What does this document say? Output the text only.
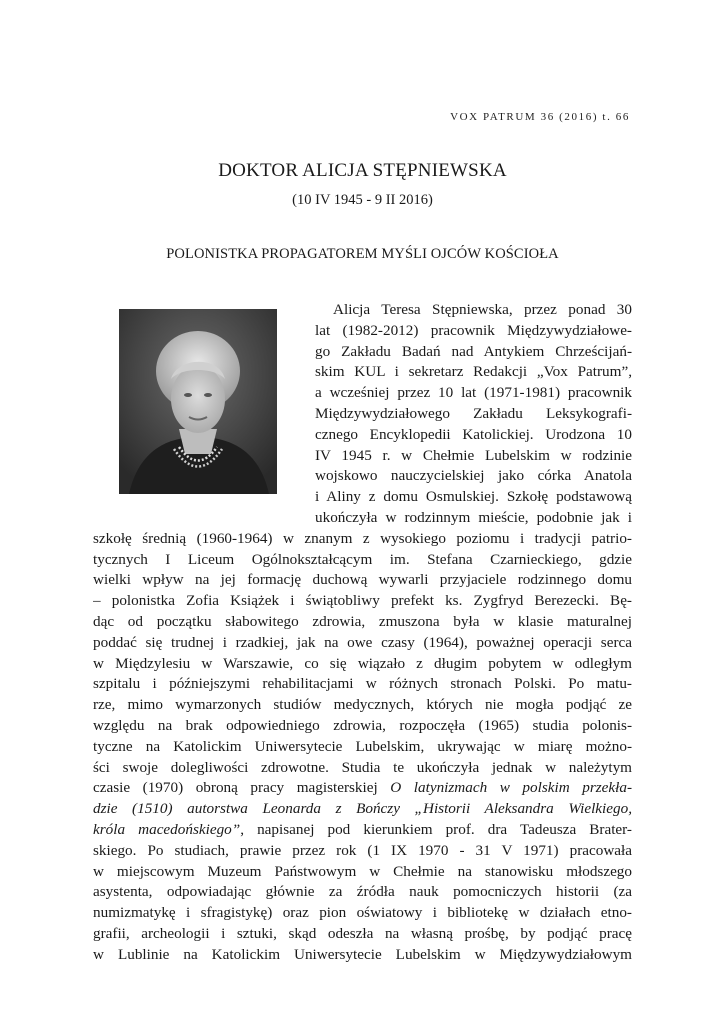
VOX PATRUM 36 (2016) t. 66
DOKTOR ALICJA STĘPNIEWSKA
(10 IV 1945 - 9 II 2016)
POLONISTKA PROPAGATOREM MYŚLI OJCÓW KOŚCIOŁA
Alicja Teresa Stępniewska, przez ponad 30
lat (1982-2012) pracownik Międzywydziałowe-
go Zakładu Badań nad Antykiem Chrześcijań-
skim KUL i sekretarz Redakcji „Vox Patrum”,
a wcześniej przez 10 lat (1971-1981) pracownik
Międzywydziałowego Zakładu Leksykografi-
cznego Encyklopedii Katolickiej. Urodzona 10
IV 1945 r. w Chełmie Lubelskim w rodzinie
wojskowo nauczycielskiej jako córka Anatola
i Aliny z domu Osmulskiej. Szkołę podstawową
ukończyła w rodzinnym mieście, podobnie jak i
szkołę średnią (1960-1964) w znanym z wysokiego poziomu i tradycji patrio-
tycznych I Liceum Ogólnokształcącym im. Stefana Czarnieckiego, gdzie
wielki wpływ na jej formację duchową wywarli przyjaciele rodzinnego domu
– polonistka Zofia Książek i świątobliwy prefekt ks. Zygfryd Berezecki. Bę-
dąc od początku słabowitego zdrowia, zmuszona była w klasie maturalnej
poddać się trudnej i rzadkiej, jak na owe czasy (1964), poważnej operacji serca
w Międzylesiu w Warszawie, co się wiązało z długim pobytem w odległym
szpitalu i późniejszymi rehabilitacjami w różnych stronach Polski. Po matu-
rze, mimo wymarzonych studiów medycznych, których nie mogła podjąć ze
względu na brak odpowiedniego zdrowia, rozpoczęła (1965) studia polonis-
tyczne na Katolickim Uniwersytecie Lubelskim, ukrywając w miarę możno-
ści swoje dolegliwości zdrowotne. Studia te ukończyła jednak w należytym
czasie (1970) obroną pracy magisterskiej O latynizmach w polskim przekła-
dzie (1510) autorstwa Leonarda z Bończy „Historii Aleksandra Wielkiego,
króla macedońskiego”, napisanej pod kierunkiem prof. dra Tadeusza Brater-
skiego. Po studiach, prawie przez rok (1 IX 1970 - 31 V 1971) pracowała
w miejscowym Muzeum Państwowym w Chełmie na stanowisku młodszego
asystenta, odpowiadając głównie za źródła nauk pomocniczych historii (za
numizmatykę i sfragistykę) oraz pion oświatowy i bibliotekę w działach etno-
grafii, archeologii i sztuki, skąd odeszła na własną prośbę, by podjąć pracę
w Lublinie na Katolickim Uniwersytecie Lubelskim w Międzywydziałowym
